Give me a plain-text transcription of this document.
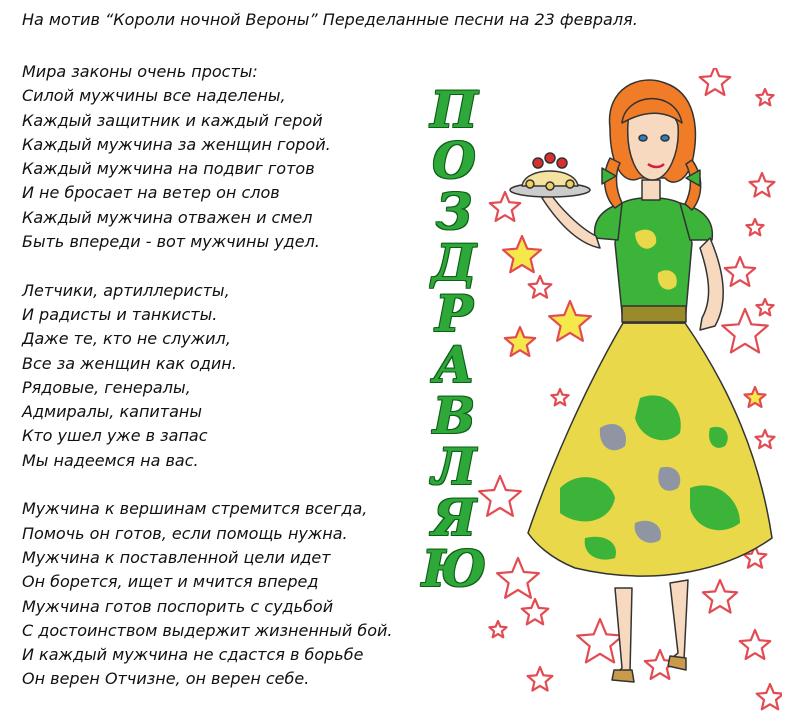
На мотив “Короли ночной Вероны” Переделанные песни на 23 февраля.
Мира законы очень просты:
Силой мужчины все наделены,
Каждый защитник и каждый герой
Каждый мужчина за женщин горой.
Каждый мужчина на подвиг готов
И не бросает на ветер он слов
Каждый мужчина отважен и смел
Быть впереди - вот мужчины удел.
Летчики, артиллеристы,
И радисты и танкисты.
Даже те, кто не служил,
Все за женщин как один.
Рядовые, генералы,
Адмиралы, капитаны
Кто ушел уже в запас
Мы надеемся на вас.
Мужчина к вершинам стремится всегда,
Помочь он готов, если помощь нужна.
Мужчина к поставленной цели идет
Он борется, ищет и мчится вперед
Мужчина готов поспорить с судьбой
С достоинством выдержит жизненный бой.
И каждый мужчина не сдастся в борьбе
Он верен Отчизне, он верен себе.
П
О
З
Д
Р
А
В
Л
Я
Ю
